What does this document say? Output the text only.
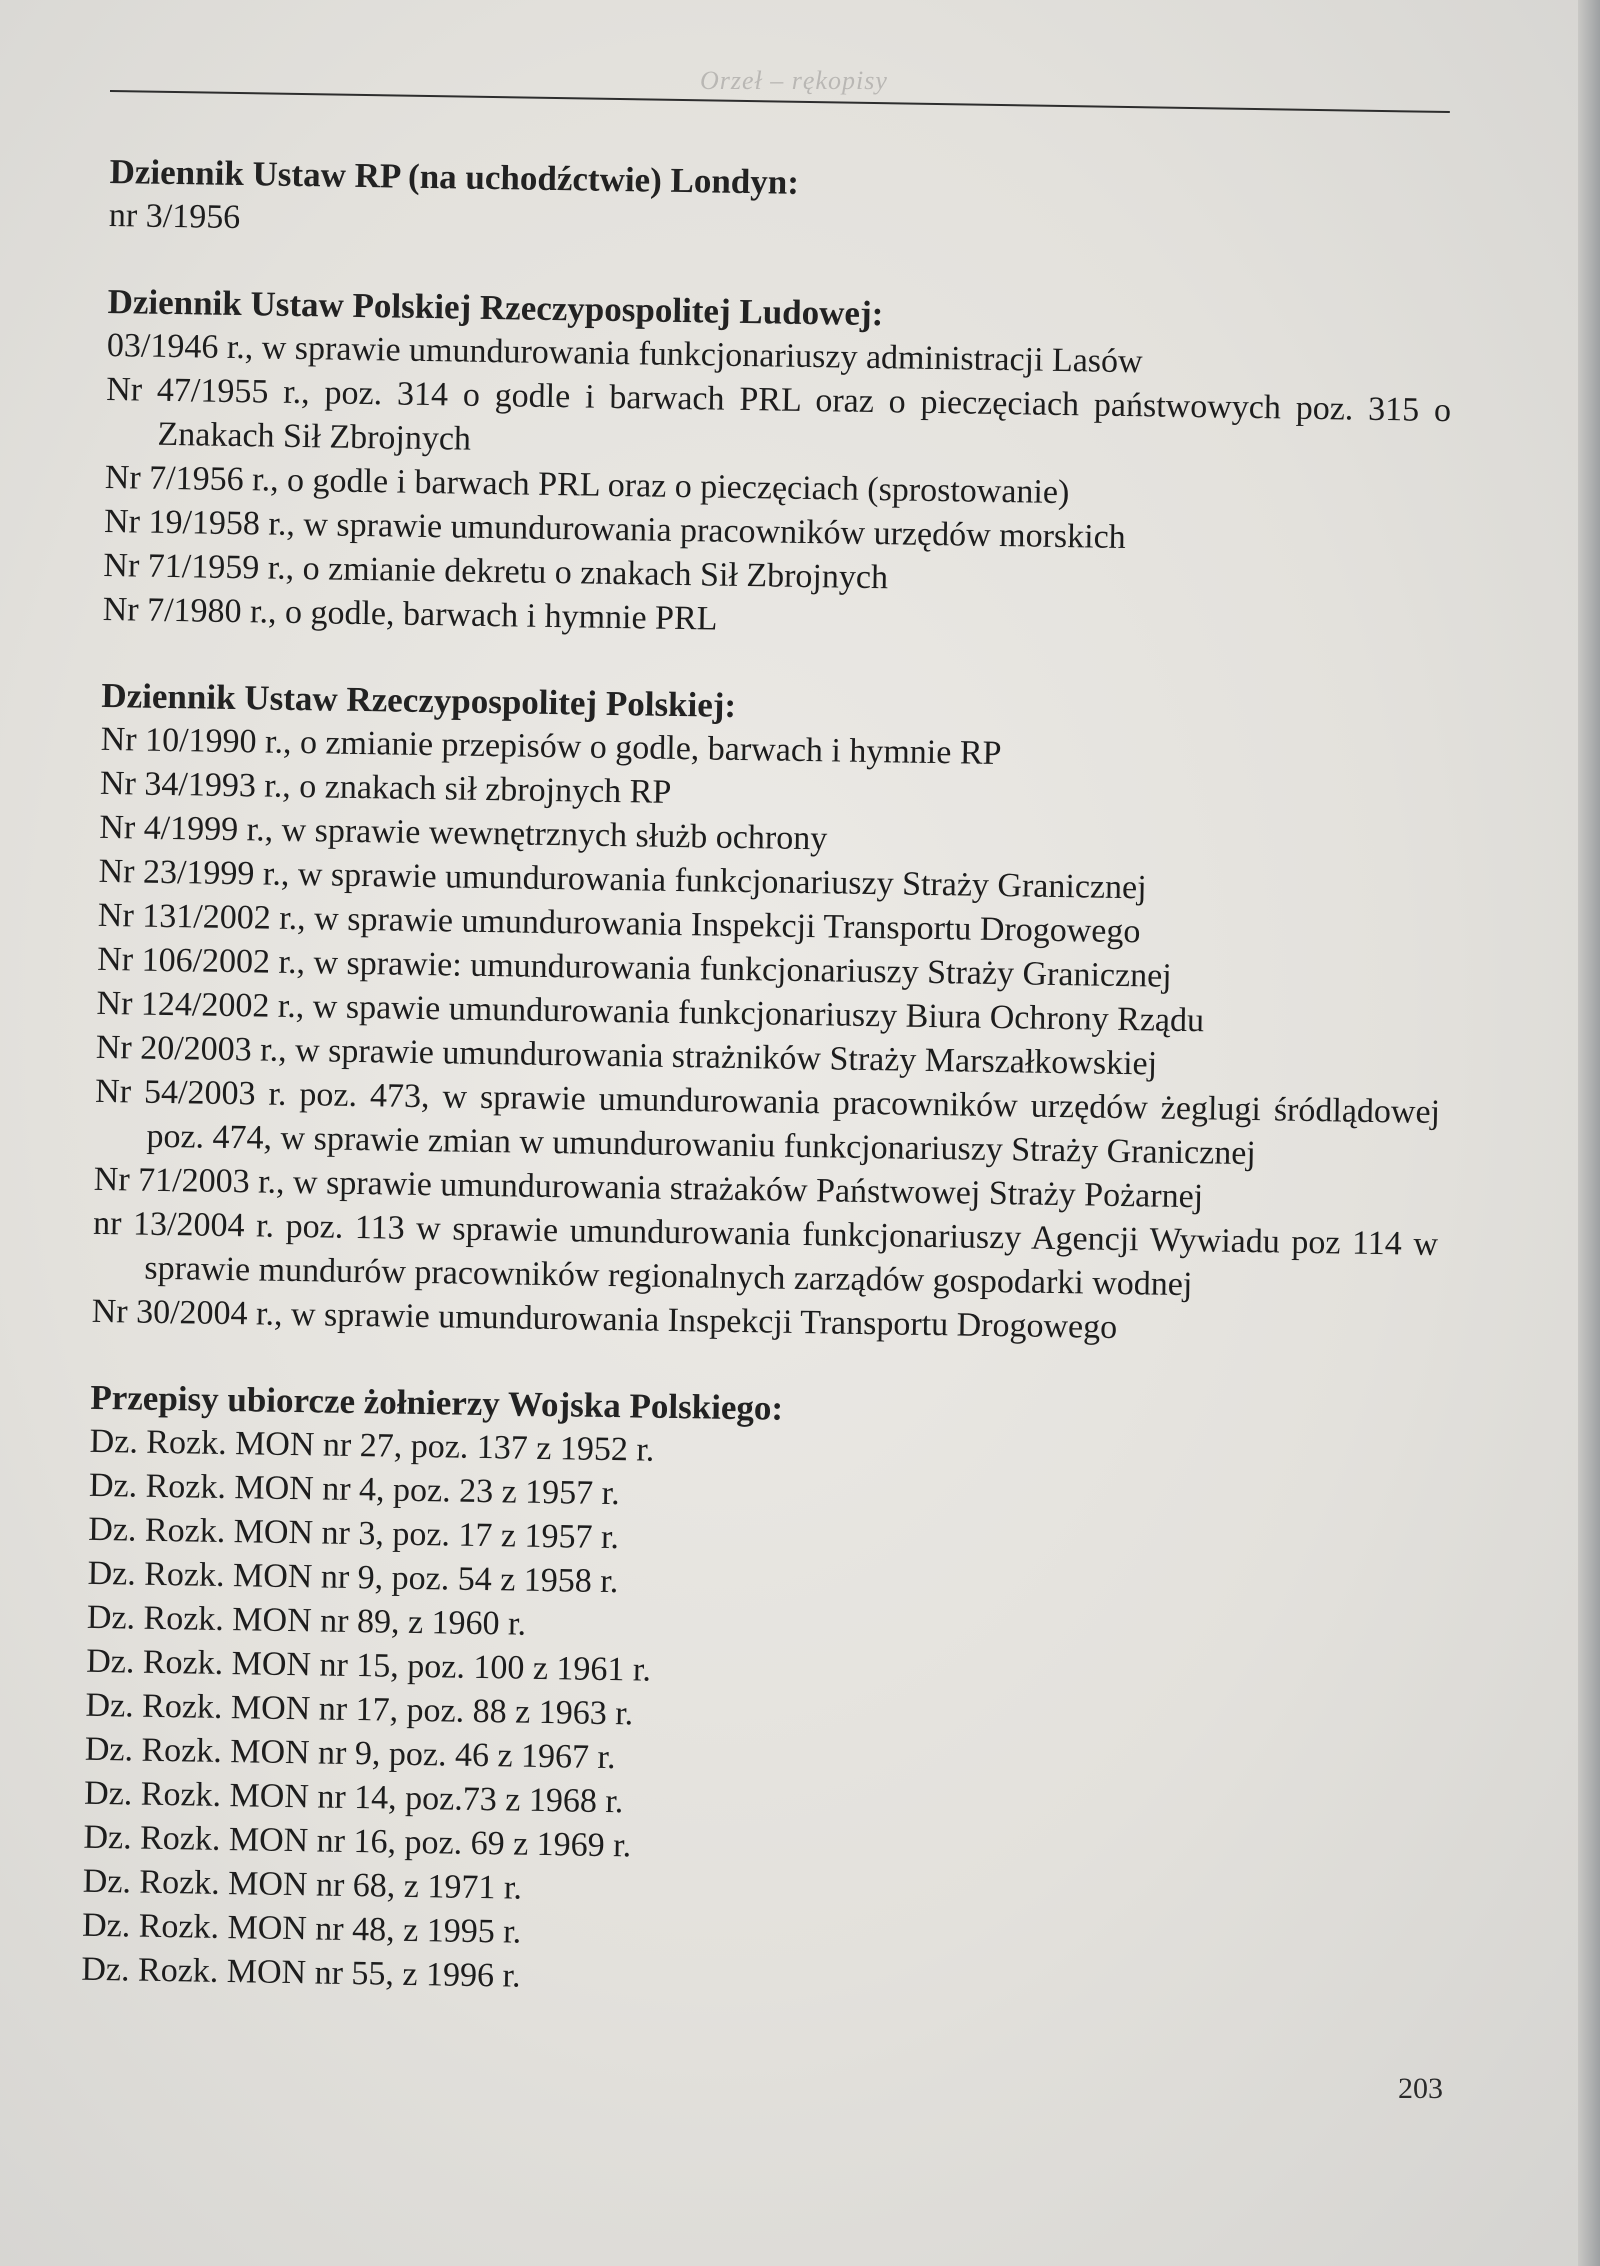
Orzeł – rękopisy

Dziennik Ustaw RP (na uchodźctwie) Londyn:

nr 3/1956

Dziennik Ustaw Polskiej Rzeczypospolitej Ludowej:

03/1946 r., w sprawie umundurowania funkcjonariuszy administracji Lasów

Nr 47/1955 r., poz. 314 o godle i barwach PRL oraz o pieczęciach państwowych poz. 315 o Znakach Sił Zbrojnych

Nr 7/1956 r., o godle i barwach PRL oraz o pieczęciach (sprostowanie)

Nr 19/1958 r., w sprawie umundurowania pracowników urzędów morskich

Nr 71/1959 r., o zmianie dekretu o znakach Sił Zbrojnych

Nr 7/1980 r., o godle, barwach i hymnie PRL

Dziennik Ustaw Rzeczypospolitej Polskiej:

Nr 10/1990 r., o zmianie przepisów o godle, barwach i hymnie RP

Nr 34/1993 r., o znakach sił zbrojnych RP

Nr 4/1999 r., w sprawie wewnętrznych służb ochrony

Nr 23/1999 r., w sprawie umundurowania funkcjonariuszy Straży Granicznej

Nr 131/2002 r., w sprawie umundurowania Inspekcji Transportu Drogowego

Nr 106/2002 r., w sprawie: umundurowania funkcjonariuszy Straży Granicznej

Nr 124/2002 r., w spawie umundurowania funkcjonariuszy Biura Ochrony Rządu

Nr 20/2003 r., w sprawie umundurowania strażników Straży Marszałkowskiej

Nr 54/2003 r. poz. 473, w sprawie umundurowania pracowników urzędów żeglugi śródlądowej poz. 474, w sprawie zmian w umundurowaniu funkcjonariuszy Straży Granicznej

Nr 71/2003 r., w sprawie umundurowania strażaków Państwowej Straży Pożarnej

nr 13/2004 r. poz. 113 w sprawie umundurowania funkcjonariuszy Agencji Wywiadu poz 114 w sprawie mundurów pracowników regionalnych zarządów gospodarki wodnej

Nr 30/2004 r., w sprawie umundurowania Inspekcji Transportu Drogowego

Przepisy ubiorcze żołnierzy Wojska Polskiego:

Dz. Rozk. MON nr 27, poz. 137 z 1952 r.

Dz. Rozk. MON nr 4, poz. 23 z 1957 r.

Dz. Rozk. MON nr 3, poz. 17 z 1957 r.

Dz. Rozk. MON nr 9, poz. 54 z 1958 r.

Dz. Rozk. MON nr 89, z 1960 r.

Dz. Rozk. MON nr 15, poz. 100 z 1961 r.

Dz. Rozk. MON nr 17, poz. 88 z 1963 r.

Dz. Rozk. MON nr 9, poz. 46 z 1967 r.

Dz. Rozk. MON nr 14, poz.73 z 1968 r.

Dz. Rozk. MON nr 16, poz. 69 z 1969 r.

Dz. Rozk. MON nr 68, z 1971 r.

Dz. Rozk. MON nr 48, z 1995 r.

Dz. Rozk. MON nr 55, z 1996 r.

203
